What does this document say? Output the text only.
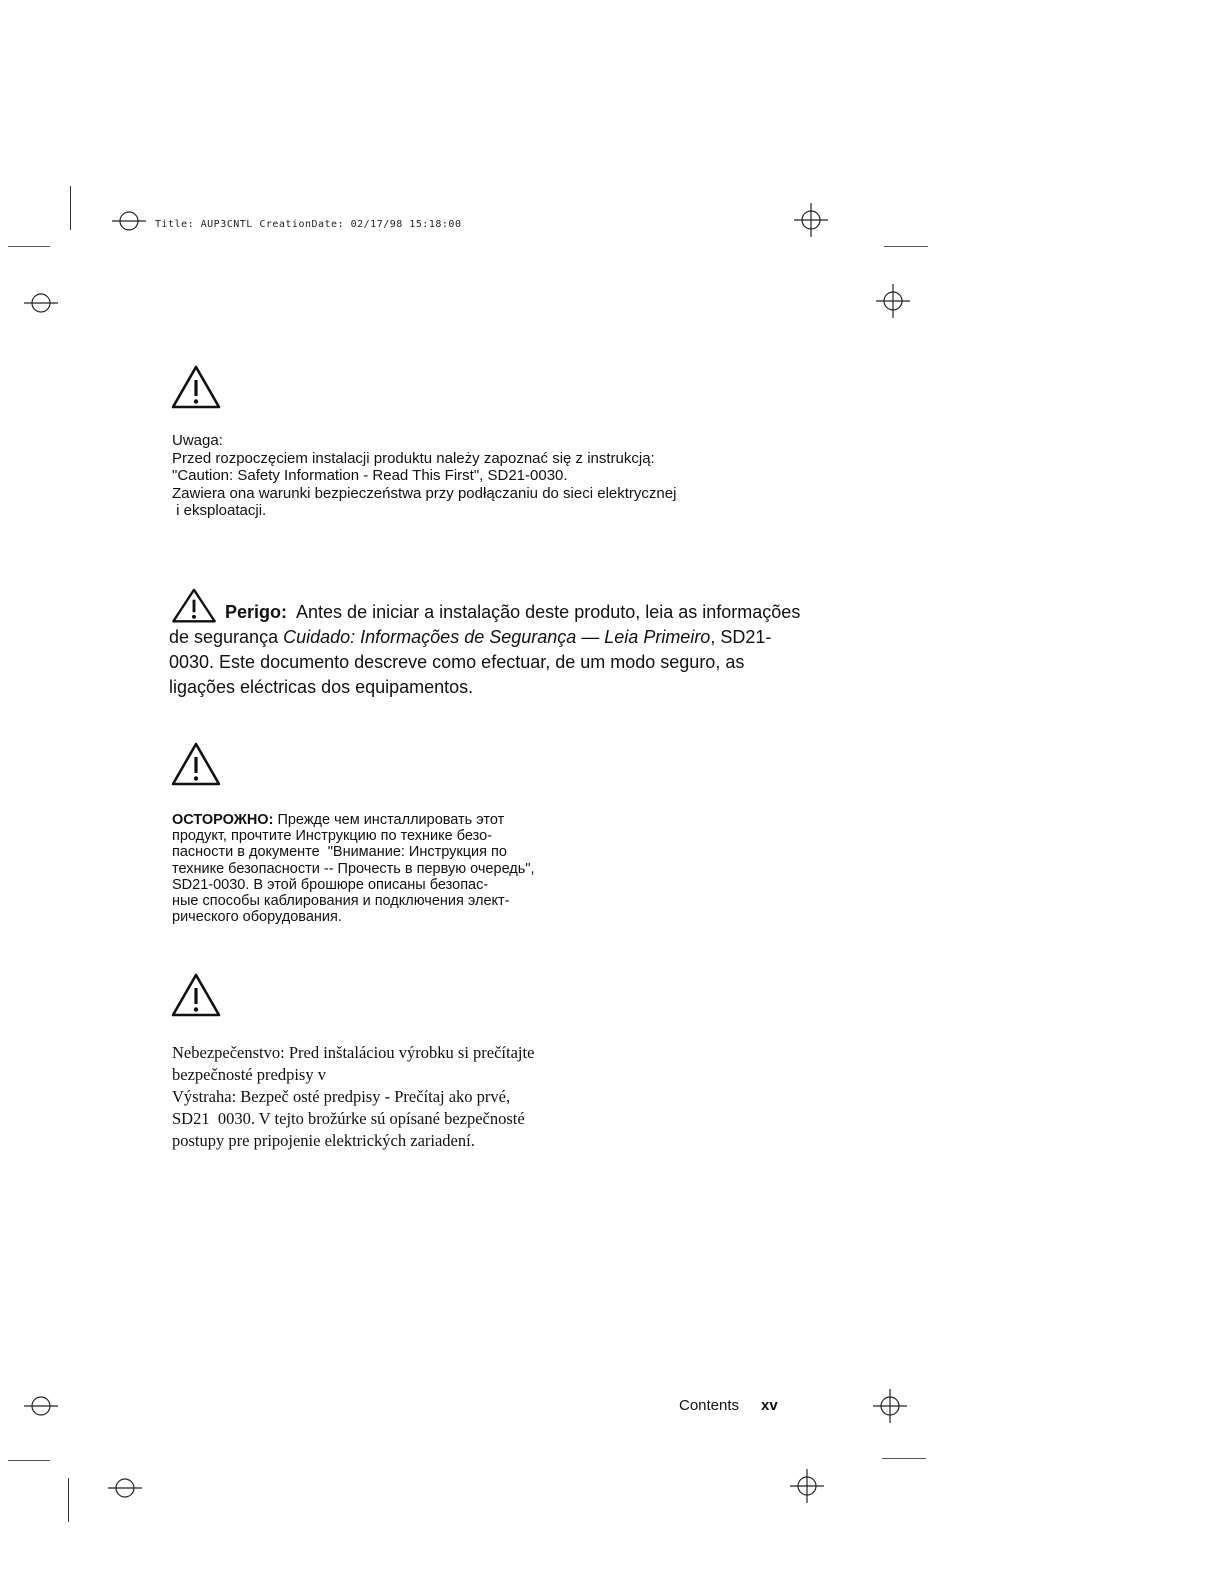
Title: AUP3CNTL CreationDate: 02/17/98 15:18:00
Uwaga:
Przed rozpoczęciem instalacji produktu należy zapoznać się z instrukcją:
"Caution: Safety Information - Read This First", SD21-0030.
Zawiera ona warunki bezpieczeństwa przy podłączaniu do sieci elektrycznej
i eksploatacji.
Perigo: Antes de iniciar a instalação deste produto, leia as informações de segurança Cuidado: Informações de Segurança — Leia Primeiro, SD21-0030. Este documento descreve como efectuar, de um modo seguro, as ligações eléctricas dos equipamentos.
ОСТОРОЖНО: Прежде чем инсталлировать этот
продукт, прочтите Инструкцию по технике безо-
пасности в документе  "Внимание: Инструкция по
технике безопасности -- Прочесть в первую очередь",
SD21-0030. В этой брошюре описаны безопас-
ные способы каблирования и подключения элект-
рического оборудования.
Nebezpečenstvo: Pred inštaláciou výrobku si prečítajte
bezpečnosté predpisy v
Výstraha: Bezpeč osté predpisy - Prečítaj ako prvé,
SD21  0030. V tejto brožúrke sú opísané bezpečnosté
postupy pre pripojenie elektrických zariadení.
Contents xv
